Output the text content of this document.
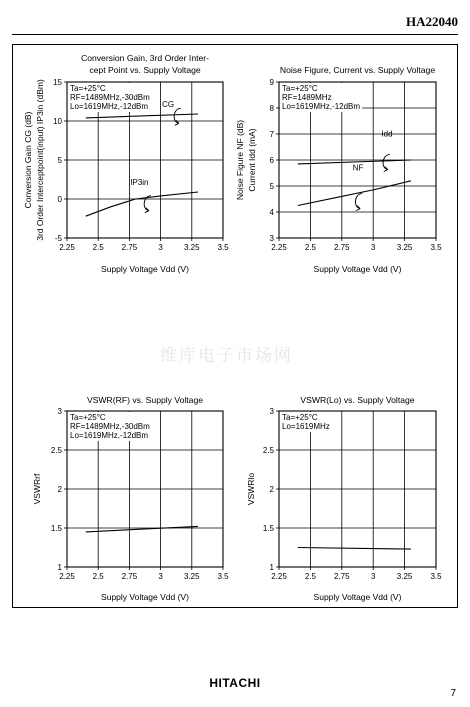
HA22040
Conversion Gain, 3rd Order Inter-
cept Point vs. Supply Voltage
2.25 2.5 2.75	3	3.25 3.5
-5
0
5
10
15
Supply Voltage Vdd (V)
Conversion Gain CG (dB) 3rd Order Interceptpoint(input) IP3in (dBm)	Ta=+25°C
RF=1489MHz,-30dBm
Lo=1619MHz,-12dBm CG
IP3in
Noise Figure, Current vs. Supply Voltage
2.25 2.5 2.75	3	3.25 3.5
3
4
5
6
7
8
9
Supply Voltage Vdd (V)
Noise Figure NF (dB) Current Idd (mA)
Ta=+25°C
RF=1489MHz
Lo=1619MHz,-12dBm
Idd
NF
VSWR(RF) vs. Supply Voltage
2.25 2.5 2.75	3	3.25 3.5
1
1.5
2
2.5
3
Supply Voltage Vdd (V)
VSWRrf
Ta=+25°C
RF=1489MHz,-30dBm
Lo=1619MHz,-12dBm
VSWR(Lo) vs. Supply Voltage
2.25 2.5 2.75	3	3.25 3.5
1
1.5
2
2.5
3
Supply Voltage Vdd (V)
VSWRlo
Ta=+25°C
Lo=1619MHz
维库电子市场网
HITACHI
7
